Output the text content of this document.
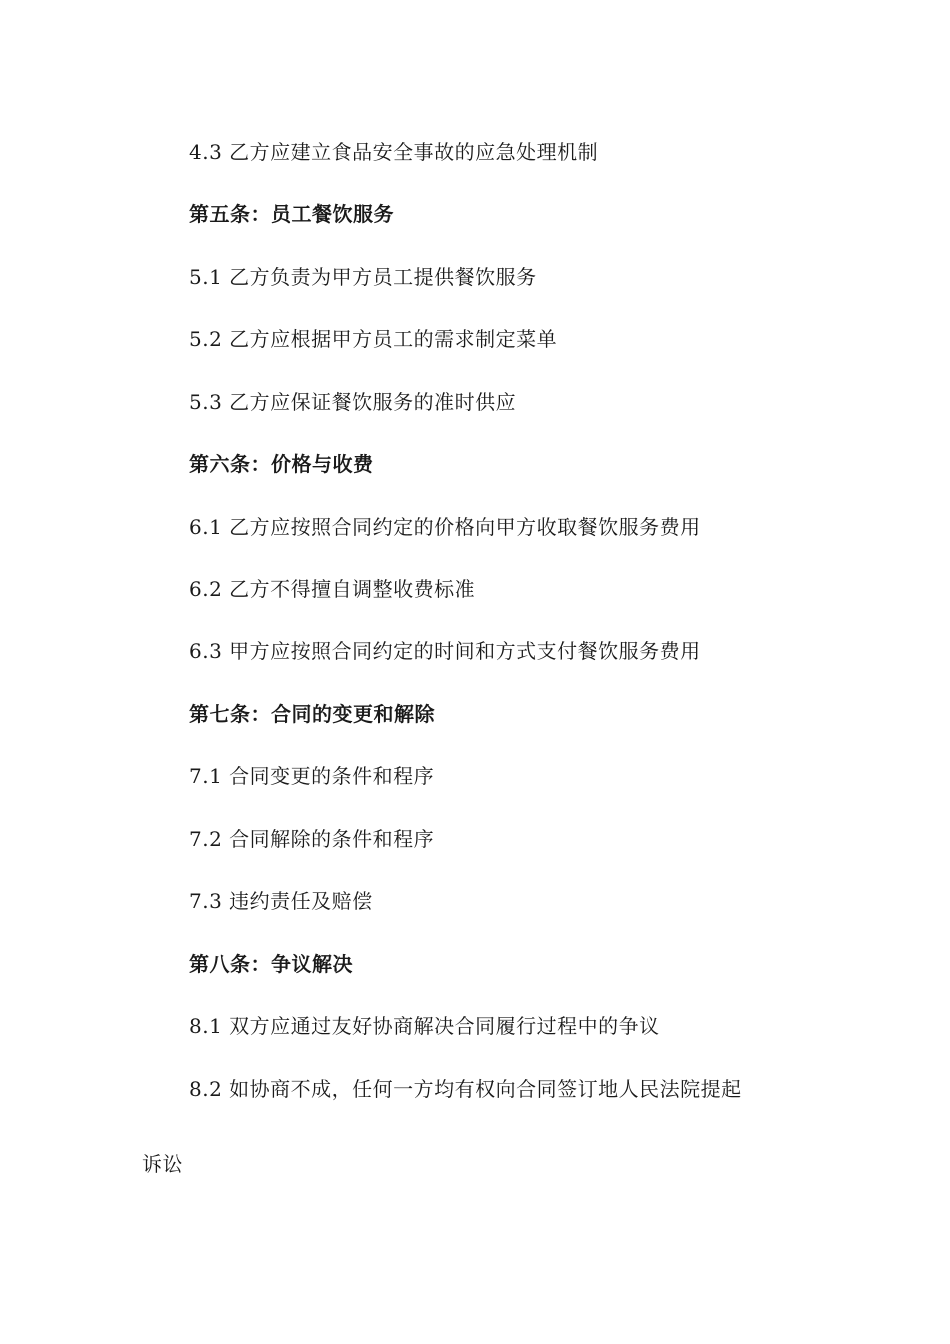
4.3 乙方应建立食品安全事故的应急处理机制
第五条：员工餐饮服务
5.1 乙方负责为甲方员工提供餐饮服务
5.2 乙方应根据甲方员工的需求制定菜单
5.3 乙方应保证餐饮服务的准时供应
第六条：价格与收费
6.1 乙方应按照合同约定的价格向甲方收取餐饮服务费用
6.2 乙方不得擅自调整收费标准
6.3 甲方应按照合同约定的时间和方式支付餐饮服务费用
第七条：合同的变更和解除
7.1 合同变更的条件和程序
7.2 合同解除的条件和程序
7.3 违约责任及赔偿
第八条：争议解决
8.1 双方应通过友好协商解决合同履行过程中的争议
8.2 如协商不成，任何一方均有权向合同签订地人民法院提起
诉讼
